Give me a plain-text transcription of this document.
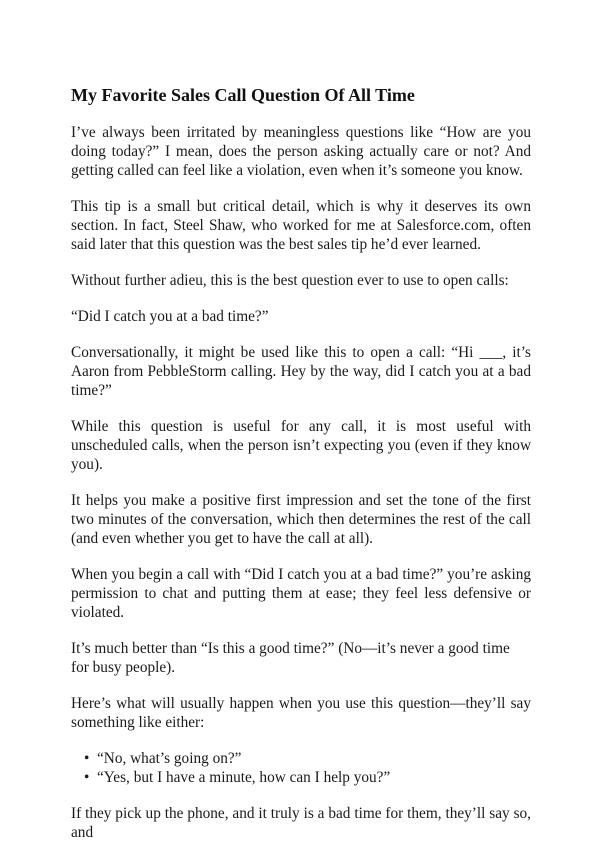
My Favorite Sales Call Question Of All Time

I’ve always been irritated by meaningless questions like “How are you doing today?” I mean, does the person asking actually care or not? And getting called can feel like a violation, even when it’s someone you know.

This tip is a small but critical detail, which is why it deserves its own section. In fact, Steel Shaw, who worked for me at Salesforce.com, often said later that this question was the best sales tip he’d ever learned.

Without further adieu, this is the best question ever to use to open calls:

“Did I catch you at a bad time?”

Conversationally, it might be used like this to open a call: “Hi ___, it’s Aaron from PebbleStorm calling. Hey by the way, did I catch you at a bad time?”

While this question is useful for any call, it is most useful with unscheduled calls, when the person isn’t expecting you (even if they know you).

It helps you make a positive first impression and set the tone of the first two minutes of the conversation, which then determines the rest of the call (and even whether you get to have the call at all).

When you begin a call with “Did I catch you at a bad time?” you’re asking permission to chat and putting them at ease; they feel less defensive or violated.

It’s much better than “Is this a good time?” (No—it’s never a good time for busy people).

Here’s what will usually happen when you use this question—they’ll say something like either:

• “No, what’s going on?”
• “Yes, but I have a minute, how can I help you?”

If they pick up the phone, and it truly is a bad time for them, they’ll say so, and
